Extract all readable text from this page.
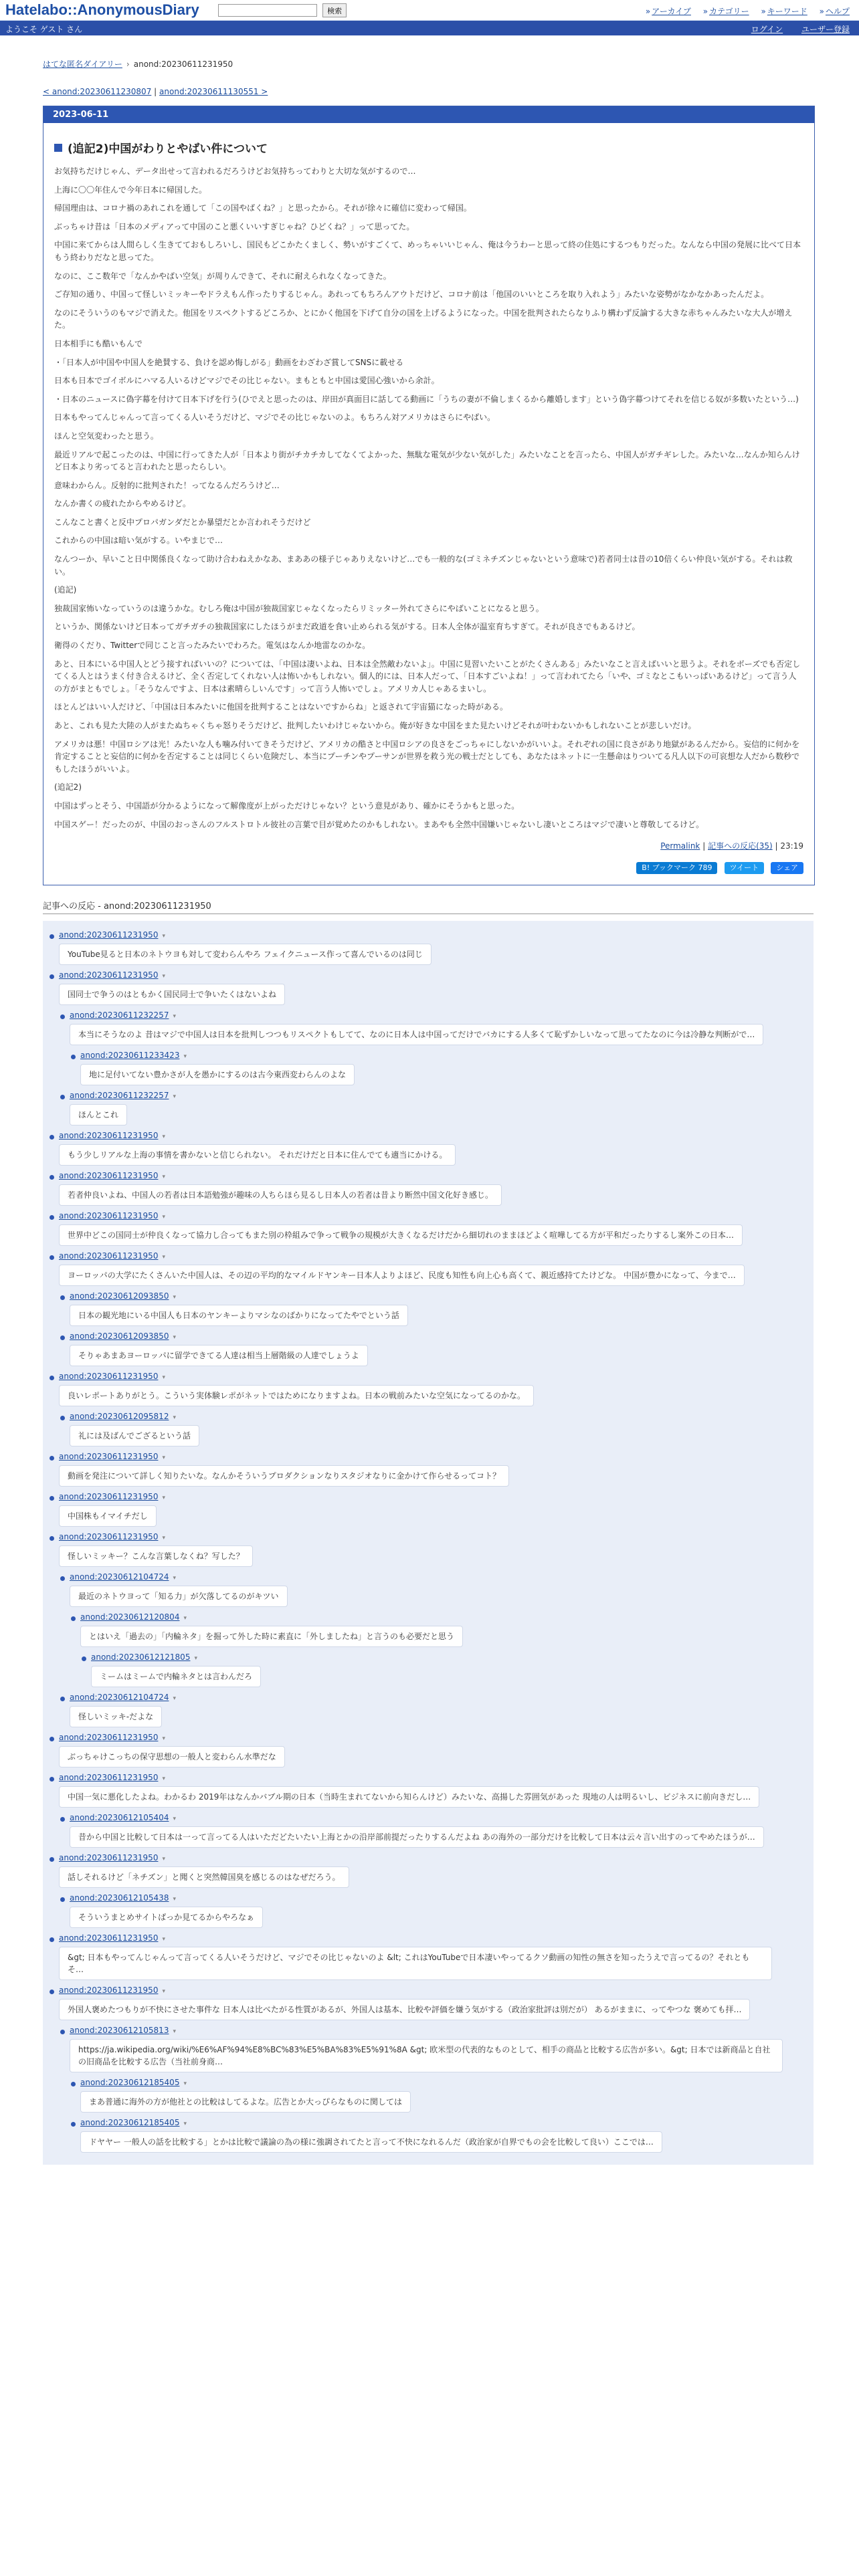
Hatelabo::AnonymousDiary	検索	» アーカイブ » カテゴリー » キーワード » ヘルプ
ようこそ ゲスト さん	ログイン ユーザー登録
はてな匿名ダイアリー › anond:20230611231950
< anond:20230611230807 | anond:20230611130551 >
2023-06-11
(追記2)中国がわりとやばい件について

お気持ちだけじゃん、データ出せって言われるだろうけどお気持ちってわりと大切な気がするので…

上海に〇〇年住んで今年日本に帰国した。

帰国理由は、コロナ禍のあれこれを通して「この国やばくね？」と思ったから。それが徐々に確信に変わって帰国。

ぶっちゃけ昔は「日本のメディアって中国のこと悪くいいすぎじゃね？ひどくね？」って思ってた。

中国に来てからは人間らしく生きてておもしろいし、国民もどこかたくましく、勢いがすごくて、めっちゃいいじゃん、俺は今うわーと思って終の住処にするつもりだった。なんなら中国の発展に比べて日本もう終わりだなと思ってた。

なのに、ここ数年で「なんかやばい空気」が周りんできて、それに耐えられなくなってきた。

ご存知の通り、中国って怪しいミッキーやドラえもん作ったりするじゃん。あれってもちろんアウトだけど、コロナ前は「他国のいいところを取り入れよう」みたいな姿勢がなかなかあったんだよ。

なのにそういうのもマジで消えた。他国をリスペクトするどころか、とにかく他国を下げて自分の国を上げるようになった。中国を批判されたらなりふり構わず反論する大きな赤ちゃんみたいな大人が増えた。

日本相手にも酷いもんで

・「日本人が中国や中国人を絶賛する、負けを認め悔しがる」動画をわざわざ賞してSNSに載せる

日本も日本でゴイボルにハマる人いるけどマジでその比じゃない。まもともと中国は愛国心強いから余計。

・日本のニュースに偽字幕を付けて日本下げを行う(ひでえと思ったのは、岸田が真面目に話してる動画に「うちの妻が不倫しまくるから離婚します」という偽字幕つけてそれを信じる奴が多数いたという…)

日本もやってんじゃんって言ってくる人いそうだけど、マジでその比じゃないのよ。もちろん対アメリカはさらにやばい。

ほんと空気変わったと思う。

最近リアルで起こったのは、中国に行ってきた人が「日本より街がチカチカしてなくてよかった、無駄な電気が少ない気がした」みたいなことを言ったら、中国人がガチギレした。みたいな…なんか知らんけど日本より劣ってると言われたと思ったらしい。

意味わからん。反射的に批判された！ってなるんだろうけど…

なんか書くの疲れたからやめるけど。

こんなこと書くと反中プロパガンダだとか暴望だとか言われそうだけど

これからの中国は暗い気がする。いやまじで…

なんつーか、早いこと日中関係良くなって助け合わねえかなあ、まああの様子じゃありえないけど…でも一般的な(ゴミネチズンじゃないという意味で)若者同士は昔の10倍くらい仲良い気がする。それは救い。

(追記)

独裁国家怖いなっていうのは違うかな。むしろ俺は中国が独裁国家じゃなくなったらリミッター外れてさらにやばいことになると思う。

というか、関係ないけど日本ってガチガチの独裁国家にしたほうがまだ政道を食い止められる気がする。日本人全体が温室育ちすぎて。それが良さでもあるけど。

衛得のくだり、Twitterで同じこと言ったみたいでわろた。電気はなんか地雷なのかな。

あと、日本にいる中国人とどう接すればいいの？については、「中国は凄いよね、日本は全然敵わないよ」。中国に見習いたいことがたくさんある」みたいなこと言えばいいと思うよ。それをボーズでも否定してくる人とはうまく付き合えるけど、全く否定してくれない人は怖いかもしれない。個人的には、日本人だって、「日本すごいよね！」って言われてたら「いや、ゴミなとこもいっぱいあるけど」って言う人の方がまともでしょ。「そうなんですよ、日本は素晴らしいんです」って言う人怖いでしょ。アメリカ人じゃあるまいし。

ほとんどはいい人だけど、「中国は日本みたいに他国を批判することはないですからね」と返されて宇宙猫になった時がある。

あと、これも見た大陸の人がまたぬちゃくちゃ怒りそうだけど、批判したいわけじゃないから。俺が好きな中国をまた見たいけどそれが叶わないかもしれないことが悲しいだけ。

アメリカは悪！中国ロシアは光！みたいな人も噛み付いてきそうだけど、アメリカの酷さと中国ロシアの良さをごっちゃにしないかがいいよ。それぞれの国に良さがあり地獄があるんだから。妄信的に何かを肯定することと妄信的に何かを否定することは同じくらい危険だし、本当にプーチンやプーサンが世界を救う光の戦士だとしても、あなたはネットに一生懸命はりついてる凡人以下の可哀想な人だから数秒でもしたほうがいいよ。

(追記2)

中国はずっとそう、中国語が分かるようになって解像度が上がっただけじゃない？という意見があり、確かにそうかもと思った。

中国スゲー！だったのが、中国のおっさんのフルストロトル彼社の言葉で目が覚めたのかもしれない。まあやも全然中国嫌いじゃないし凄いところはマジで凄いと尊敬してるけど。

Permalink | 記事への反応(35) | 23:19
B! ブックマーク 789 ツイート シェア
記事への反応 - anond:20230611231950
anond:20230611231950 ▾
YouTube見ると日本のネトウヨも対して変わらんやろ フェイクニュース作って喜んでいるのは同じ
anond:20230611231950 ▾
国同士で争うのはともかく国民同士で争いたくはないよね
anond:20230611232257 ▾
本当にそうなのよ 昔はマジで中国人は日本を批判しつつもリスペクトもしてて、なのに日本人は中国ってだけでバカにする人多くて恥ずかしいなって思ってたなのに今は冷静な判断がで…
anond:20230611233423 ▾
地に足付いてない豊かさが人を愚かにするのは古今東西変わらんのよな
anond:20230611232257 ▾
ほんとこれ
anond:20230611231950 ▾
もう少しリアルな上海の事情を書かないと信じられない。 それだけだと日本に住んでても適当にかける。
anond:20230611231950 ▾
若者仲良いよね、中国人の若者は日本語勉強が趣味の人ちらほら見るし日本人の若者は昔より断然中国文化好き感じ。
anond:20230611231950 ▾
世界中どこの国同士が仲良くなって協力し合ってもまた別の枠組みで争って戦争の規模が大きくなるだけだから細切れのままほどよく喧嘩してる方が平和だったりするし案外この日本…
anond:20230611231950 ▾
ヨーロッパの大学にたくさんいた中国人は、その辺の平均的なマイルドヤンキー日本人よりよほど、民度も知性も向上心も高くて、親近感持てたけどな。 中国が豊かになって、今まで…
anond:20230612093850 ▾
日本の観光地にいる中国人も日本のヤンキーよりマシなのばかりになってたやでという話
anond:20230612093850 ▾
そりゃあまあヨーロッパに留学できてる人達は相当上層階級の人達でしょうよ
anond:20230611231950 ▾
良いレポートありがとう。こういう実体験レポがネットではためになりますよね。日本の戦前みたいな空気になってるのかな。
anond:20230612095812 ▾
礼には及ばんでござるという話
anond:20230611231950 ▾
動画を発注について詳しく知りたいな。なんかそういうプロダクションなりスタジオなりに金かけて作らせるってコト？
anond:20230611231950 ▾
中国株もイマイチだし
anond:20230611231950 ▾
怪しいミッキー？こんな言葉しなくね？写した？
anond:20230612104724 ▾
最近のネトウヨって「知る力」が欠落してるのがキツい
anond:20230612120804 ▾
とはいえ「過去の」「内輪ネタ」を掘って外した時に素直に「外しましたね」と言うのも必要だと思う
anond:20230612121805 ▾
ミームはミームで内輪ネタとは言わんだろ
anond:20230612104724 ▾
怪しいミッキ-だよな
anond:20230611231950 ▾
ぶっちゃけこっちの保守思想の一般人と変わらん水準だな
anond:20230611231950 ▾
中国一気に悪化したよね。わかるわ 2019年はなんかバブル期の日本（当時生まれてないから知らんけど）みたいな、高揚した雰囲気があった 現地の人は明るいし、ビジネスに前向きだし…
anond:20230612105404 ▾
昔から中国と比較して日本は一って言ってる人はいただどたいたい上海とかの沿岸部前提だったりするんだよね あの海外の一部分だけを比較して日本は云々言い出すのってやめたほうが…
anond:20230611231950 ▾
話しそれるけど「ネチズン」と聞くと突然韓国臭を感じるのはなぜだろう。
anond:20230612105438 ▾
そういうまとめサイトばっか見てるからやろなぁ
anond:20230611231950 ▾
&gt; 日本もやってんじゃんって言ってくる人いそうだけど、マジでその比じゃないのよ &lt; これはYouTubeで日本凄いやってるクソ動画の知性の無さを知ったうえで言ってるの？それともそ…
anond:20230611231950 ▾
外国人褒めたつもりが不快にさせた事件な 日本人は比べたがる性質があるが、外国人は基本、比較や評価を嫌う気がする（政治家批評は別だが） あるがままに、ってやつな 褒めても拝…
anond:20230612105813 ▾
https://ja.wikipedia.org/wiki/%E6%AF%94%E8%BC%83%E5%BA%83%E5%91%8A &gt; 欧米型の代表的なものとして、相手の商品と比較する広告が多い。&gt; 日本では新商品と自社の旧商品を比較する広告（当社前身商…
anond:20230612185405 ▾
まあ普通に海外の方が他社との比較はしてるよな。広告とか大っぴらなものに関しては
anond:20230612185405 ▾
ドヤヤー 一般人の話を比較する」とかは比較で議論の為の様に強調されてたと言って不快になれるんだ（政治家が自界でもの会を比較して良い）ここでは…
